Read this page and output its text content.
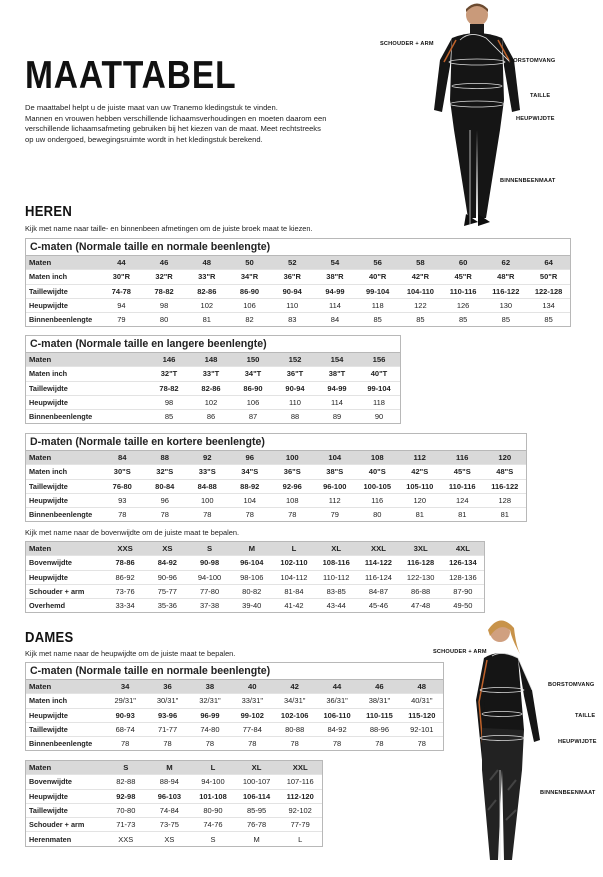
MAATTABEL
De maattabel helpt u de juiste maat van uw Tranemo kledingstuk te vinden.
Mannen en vrouwen hebben verschillende lichaamsverhoudingen en moeten daarom een
verschillende lichaamsafmeting gebruiken bij het kiezen van de maat. Meet rechtstreeks
op uw ondergoed, bewegingsruimte wordt in het kledingstuk berekend.
SCHOUDER + ARM
BORSTOMVANG
TAILLE
HEUPWIJDTE
BINNENBEENMAAT
HEREN
Kijk met name naar taille- en binnenbeen afmetingen om de juiste broek maat te kiezen.
C-maten (Normale taille en normale beenlengte)
Maten	44	46	48	50	52	54	56	58	60	62	64
Maten inch	30"R	32"R	33"R	34"R	36"R	38"R	40"R	42"R	45"R	48"R	50"R
Taillewijdte	74-78	78-82	82-86	86-90	90-94	94-99	99-104	104-110	110-116	116-122	122-128
Heupwijdte	94	98	102	106	110	114	118	122	126	130	134
Binnenbeenlengte	79	80	81	82	83	84	85	85	85	85	85
C-maten (Normale taille en langere beenlengte)
Maten	146	148	150	152	154	156
Maten inch	32"T	33"T	34"T	36"T	38"T	40"T
Taillewijdte	78-82	82-86	86-90	90-94	94-99	99-104
Heupwijdte	98	102	106	110	114	118
Binnenbeenlengte	85	86	87	88	89	90
D-maten (Normale taille en kortere beenlengte)
Maten	84	88	92	96	100	104	108	112	116	120
Maten inch	30"S	32"S	33"S	34"S	36"S	38"S	40"S	42"S	45"S	48"S
Taillewijdte	76-80	80-84	84-88	88-92	92-96	96-100	100-105	105-110	110-116	116-122
Heupwijdte	93	96	100	104	108	112	116	120	124	128
Binnenbeenlengte	78	78	78	78	78	79	80	81	81	81
Kijk met name naar de bovenwijdte om de juiste maat te bepalen.
Maten	XXS	XS	S	M	L	XL	XXL	3XL	4XL
Bovenwijdte	78-86	84-92	90-98	96-104	102-110	108-116	114-122	116-128	126-134
Heupwijdte	86-92	90-96	94-100	98-106	104-112	110-112	116-124	122-130	128-136
Schouder + arm	73-76	75-77	77-80	80-82	81-84	83-85	84-87	86-88	87-90
Overhemd	33-34	35-36	37-38	39-40	41-42	43-44	45-46	47-48	49-50
SCHOUDER + ARM
BORSTOMVANG
TAILLE
HEUPWIJDTE
BINNENBEENMAAT
DAMES
Kijk met name naar de heupwijdte om de juiste maat te bepalen.
C-maten (Normale taille en normale beenlengte)
Maten	34	36	38	40	42	44	46	48
Maten inch	29/31"	30/31"	32/31"	33/31"	34/31"	36/31"	38/31"	40/31"
Heupwijdte	90-93	93-96	96-99	99-102	102-106	106-110	110-115	115-120
Taillewijdte	68-74	71-77	74-80	77-84	80-88	84-92	88-96	92-101
Binnenbeenlengte	78	78	78	78	78	78	78	78
Maten	S	M	L	XL	XXL
Bovenwijdte	82-88	88-94	94-100	100-107	107-116
Heupwijdte	92-98	96-103	101-108	106-114	112-120
Taillewijdte	70-80	74-84	80-90	85-95	92-102
Schouder + arm	71-73	73-75	74-76	76-78	77-79
Herenmaten	XXS	XS	S	M	L
